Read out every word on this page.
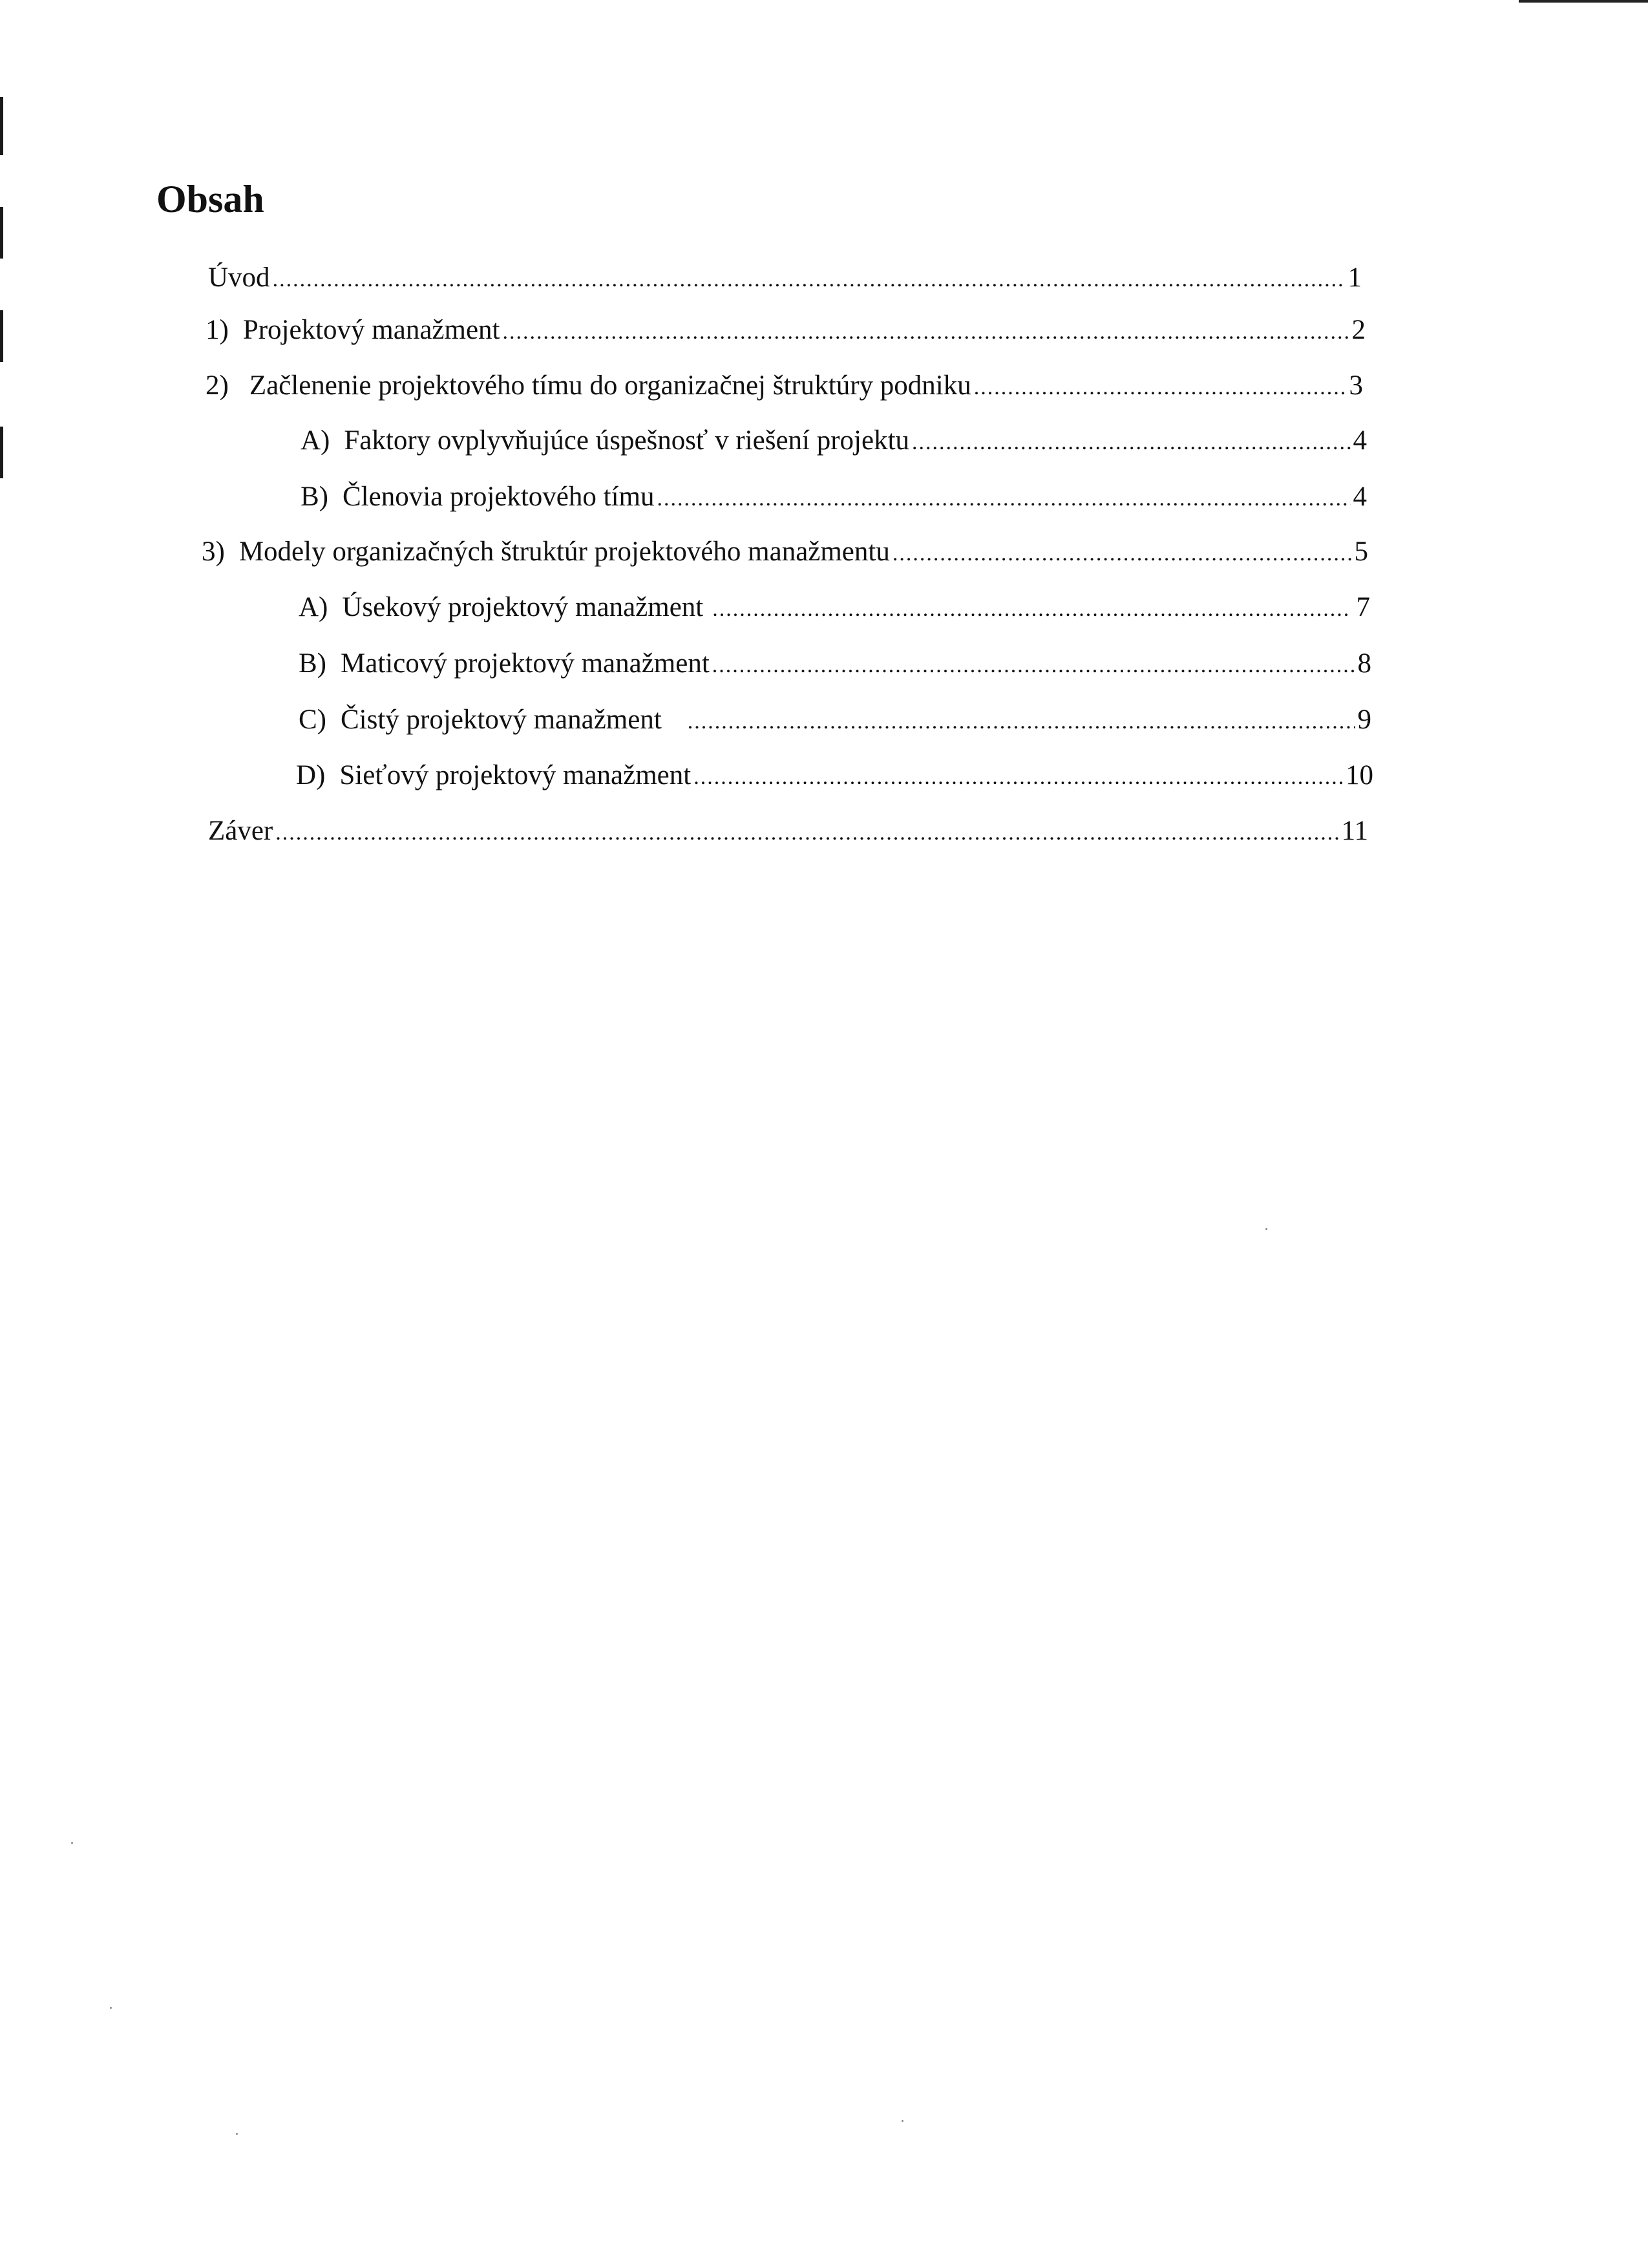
Obsah
Úvod .....	1
1) Projektový manažment .....	2
2) Začlenenie projektového tímu do organizačnej štruktúry podniku .....	3
A) Faktory ovplyvňujúce úspešnosť v riešení projektu .....	4
B) Členovia projektového tímu .....	4
3) Modely organizačných štruktúr projektového manažmentu .....	5
A) Úsekový projektový manažment .....	7
B) Maticový projektový manažment .....	8
C) Čistý projektový manažment .....	9
D) Sieťový projektový manažment .....	10
Záver .....	11
